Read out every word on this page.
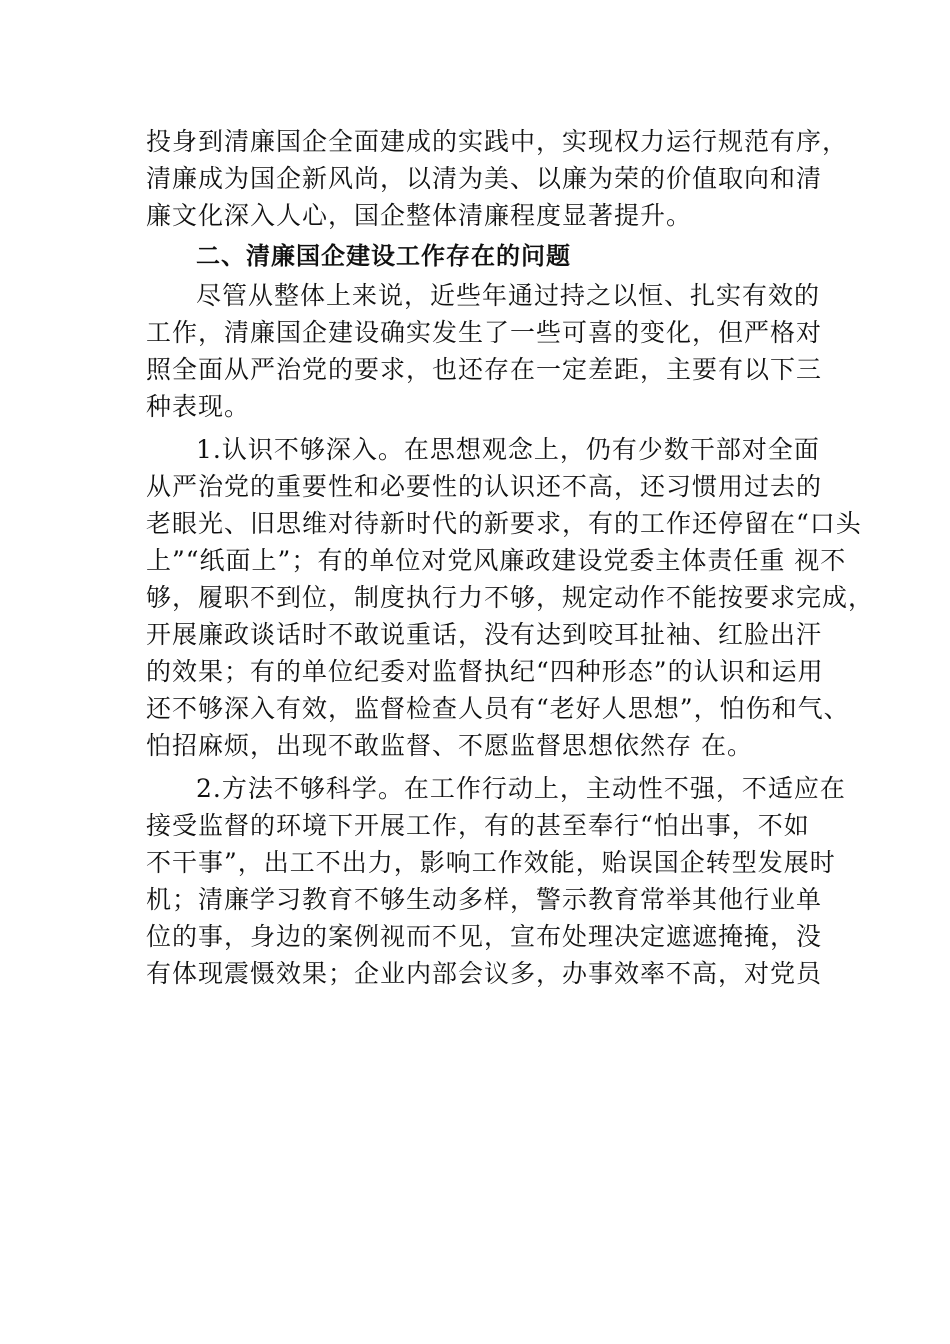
投身到清廉国企全面建成的实践中，实现权力运行规范有序，
清廉成为国企新风尚，以清为美、以廉为荣的价值取向和清
廉文化深入人心，国企整体清廉程度显著提升。
二、清廉国企建设工作存在的问题
尽管从整体上来说，近些年通过持之以恒、扎实有效的
工作，清廉国企建设确实发生了一些可喜的变化，但严格对
照全面从严治党的要求，也还存在一定差距，主要有以下三
种表现。
1.认识不够深入。在思想观念上，仍有少数干部对全面
从严治党的重要性和必要性的认识还不高，还习惯用过去的
老眼光、旧思维对待新时代的新要求，有的工作还停留在“口头
上”“纸面上”；有的单位对党风廉政建设党委主体责任重 视不
够，履职不到位，制度执行力不够，规定动作不能按要求完成，
开展廉政谈话时不敢说重话，没有达到咬耳扯袖、红脸出汗
的效果；有的单位纪委对监督执纪“四种形态”的认识和运用
还不够深入有效，监督检查人员有“老好人思想”，怕伤和气、
怕招麻烦，出现不敢监督、不愿监督思想依然存 在。
2.方法不够科学。在工作行动上，主动性不强，不适应在
接受监督的环境下开展工作，有的甚至奉行“怕出事，不如
不干事”，出工不出力，影响工作效能，贻误国企转型发展时
机；清廉学习教育不够生动多样，警示教育常举其他行业单
位的事，身边的案例视而不见，宣布处理决定遮遮掩掩，没
有体现震慑效果；企业内部会议多，办事效率不高，对党员
